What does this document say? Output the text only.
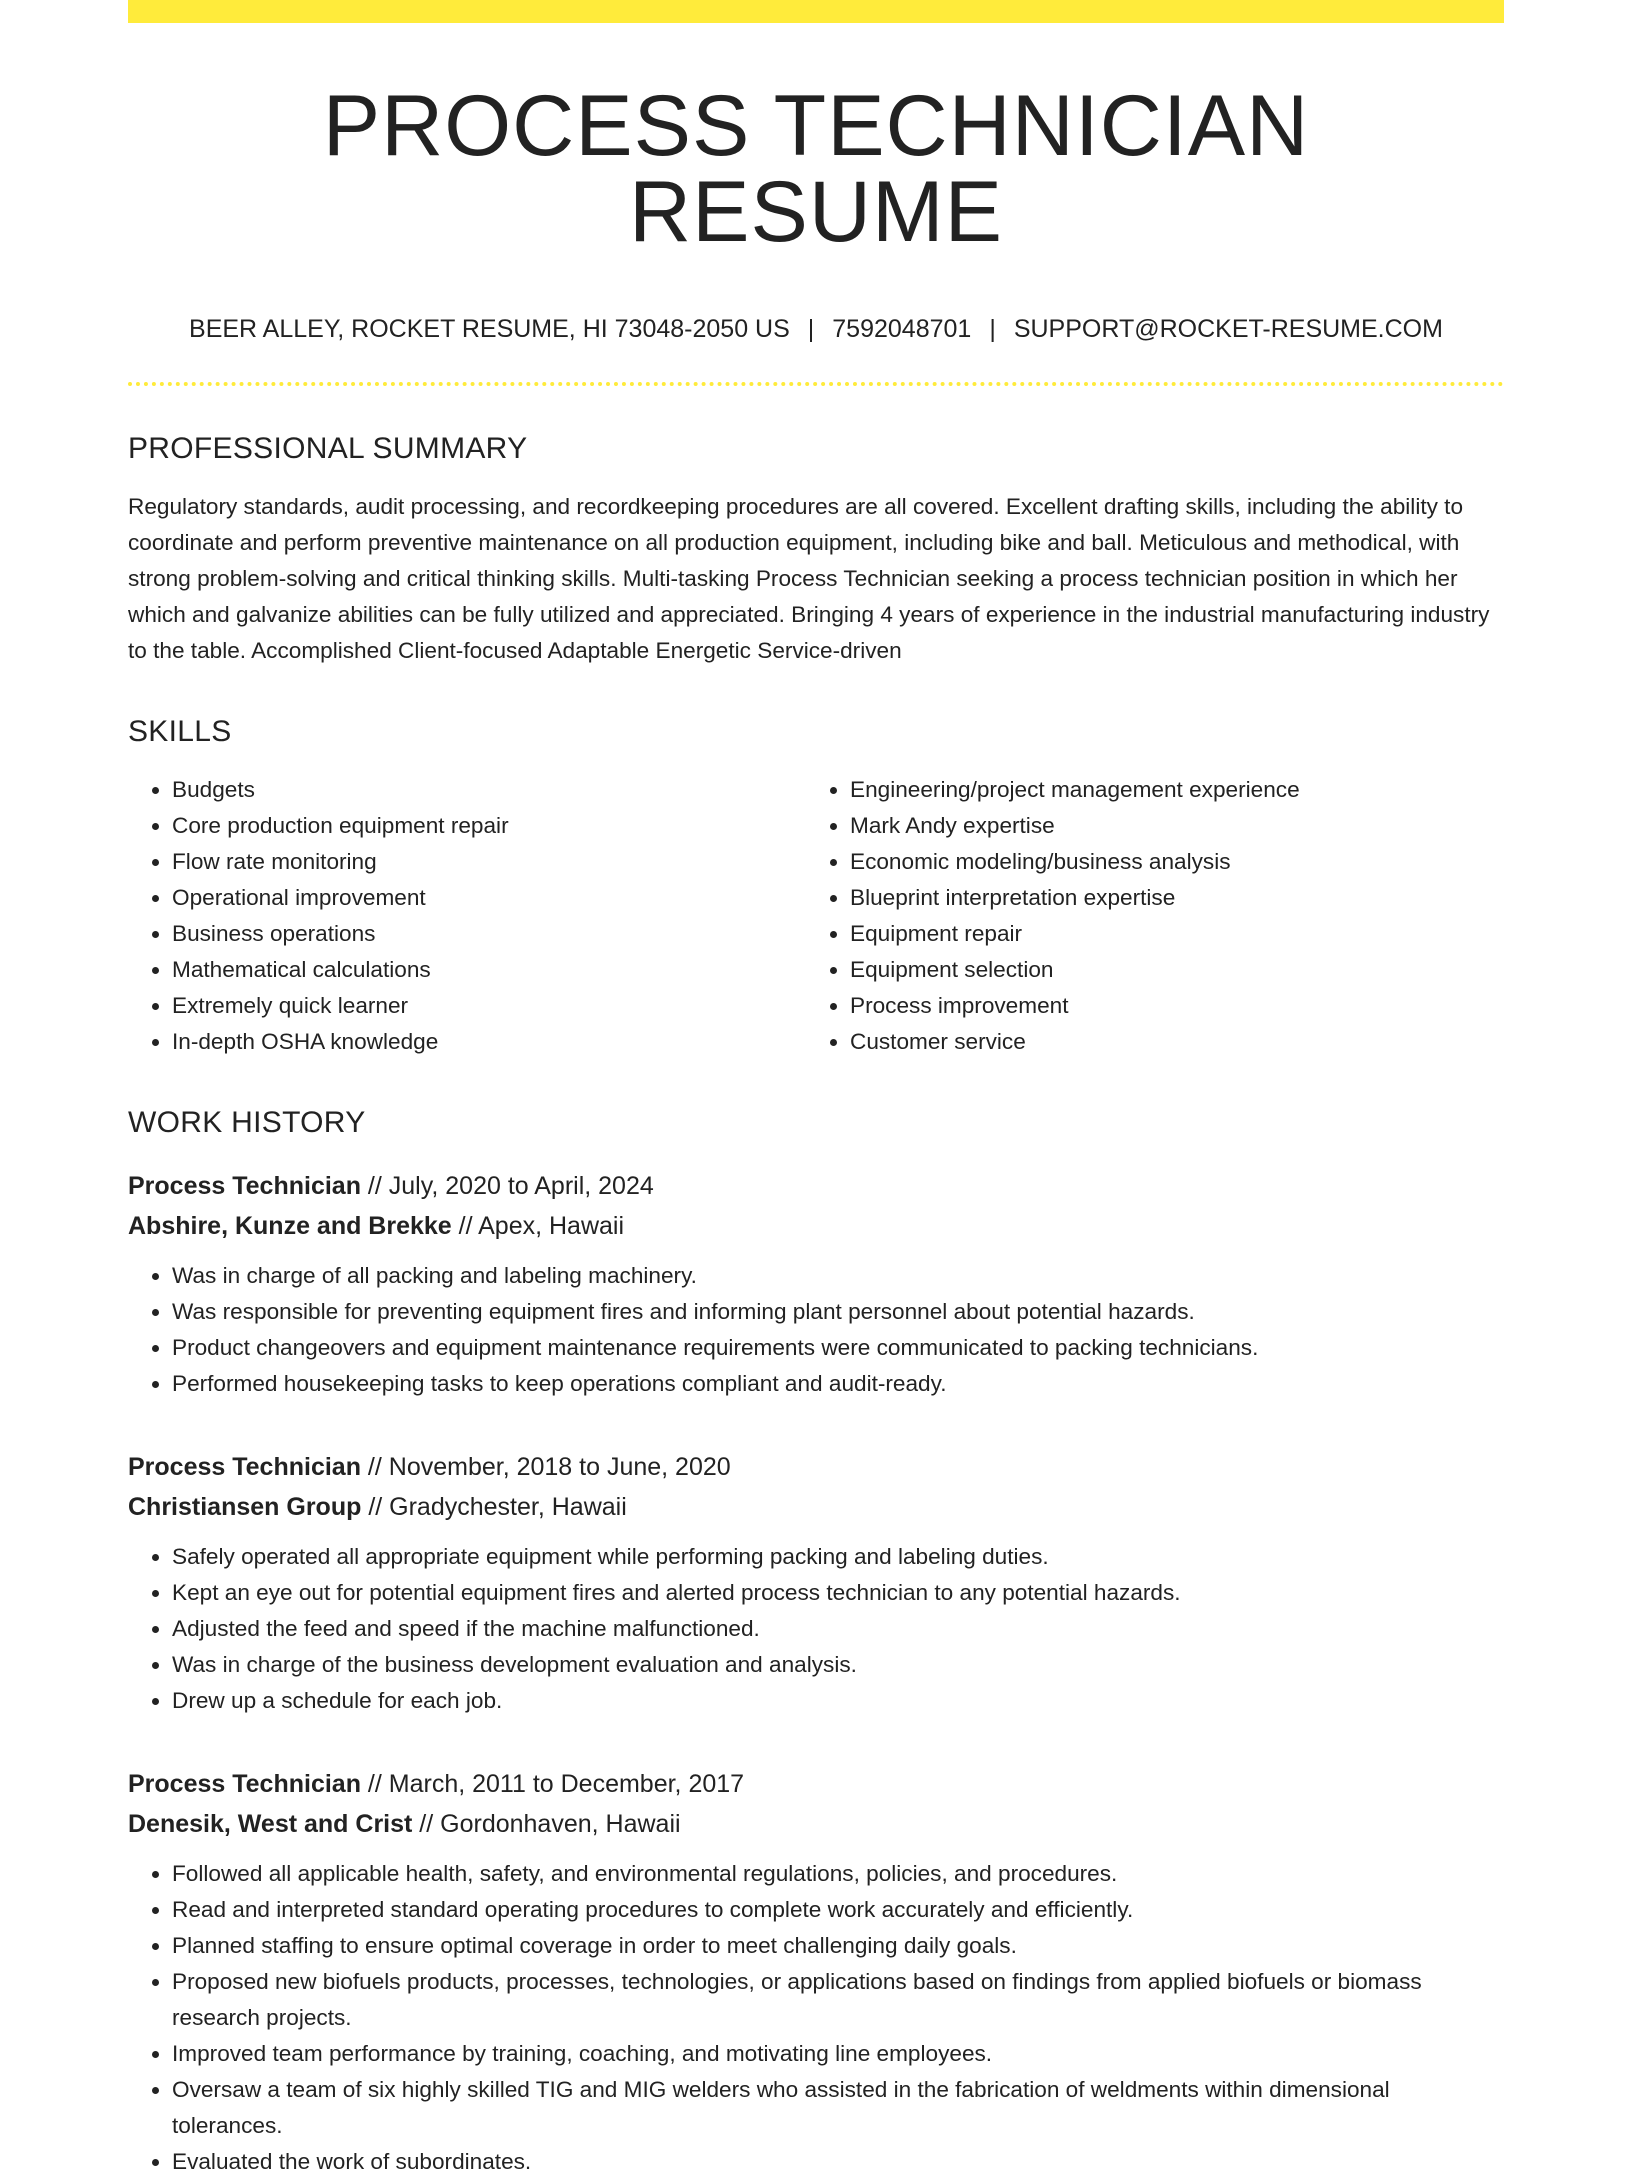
PROCESS TECHNICIAN RESUME
BEER ALLEY, ROCKET RESUME, HI 73048-2050 US | 7592048701 | SUPPORT@ROCKET-RESUME.COM
PROFESSIONAL SUMMARY

Regulatory standards, audit processing, and recordkeeping procedures are all covered. Excellent drafting skills, including the ability to coordinate and perform preventive maintenance on all production equipment, including bike and ball. Meticulous and methodical, with strong problem-solving and critical thinking skills. Multi-tasking Process Technician seeking a process technician position in which her which and galvanize abilities can be fully utilized and appreciated. Bringing 4 years of experience in the industrial manufacturing industry to the table. Accomplished Client-focused Adaptable Energetic Service-driven

SKILLS
• Budgets
• Core production equipment repair
• Flow rate monitoring
• Operational improvement
• Business operations
• Mathematical calculations
• Extremely quick learner
• In-depth OSHA knowledge
• Engineering/project management experience
• Mark Andy expertise
• Economic modeling/business analysis
• Blueprint interpretation expertise
• Equipment repair
• Equipment selection
• Process improvement
• Customer service
WORK HISTORY
Process Technician // July, 2020 to April, 2024
Abshire, Kunze and Brekke // Apex, Hawaii
• Was in charge of all packing and labeling machinery.
• Was responsible for preventing equipment fires and informing plant personnel about potential hazards.
• Product changeovers and equipment maintenance requirements were communicated to packing technicians.
• Performed housekeeping tasks to keep operations compliant and audit-ready.
Process Technician // November, 2018 to June, 2020
Christiansen Group // Gradychester, Hawaii
• Safely operated all appropriate equipment while performing packing and labeling duties.
• Kept an eye out for potential equipment fires and alerted process technician to any potential hazards.
• Adjusted the feed and speed if the machine malfunctioned.
• Was in charge of the business development evaluation and analysis.
• Drew up a schedule for each job.
Process Technician // March, 2011 to December, 2017
Denesik, West and Crist // Gordonhaven, Hawaii
• Followed all applicable health, safety, and environmental regulations, policies, and procedures.
• Read and interpreted standard operating procedures to complete work accurately and efficiently.
• Planned staffing to ensure optimal coverage in order to meet challenging daily goals.
• Proposed new biofuels products, processes, technologies, or applications based on findings from applied biofuels or biomass research projects.
• Improved team performance by training, coaching, and motivating line employees.
• Oversaw a team of six highly skilled TIG and MIG welders who assisted in the fabrication of weldments within dimensional tolerances.
• Evaluated the work of subordinates.
